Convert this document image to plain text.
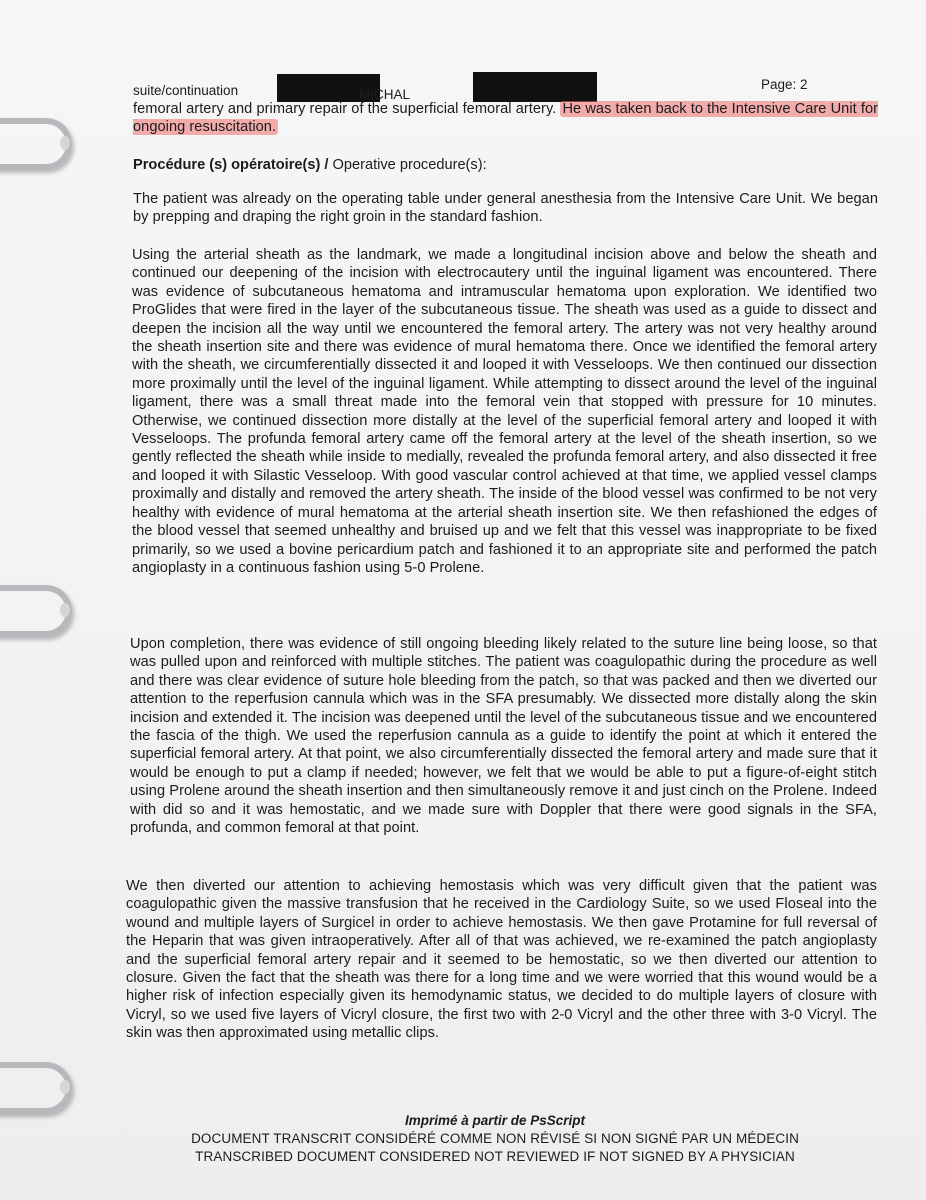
suite/continuation	MICHAL
Page: 2
femoral artery and primary repair of the superficial femoral artery. He was taken back to the Intensive Care Unit for ongoing resuscitation.
Procédure (s) opératoire(s) / Operative procedure(s):
The patient was already on the operating table under general anesthesia from the Intensive Care Unit. We began by prepping and draping the right groin in the standard fashion.
Using the arterial sheath as the landmark, we made a longitudinal incision above and below the sheath and continued our deepening of the incision with electrocautery until the inguinal ligament was encountered. There was evidence of subcutaneous hematoma and intramuscular hematoma upon exploration. We identified two ProGlides that were fired in the layer of the subcutaneous tissue. The sheath was used as a guide to dissect and deepen the incision all the way until we encountered the femoral artery. The artery was not very healthy around the sheath insertion site and there was evidence of mural hematoma there. Once we identified the femoral artery with the sheath, we circumferentially dissected it and looped it with Vesseloops. We then continued our dissection more proximally until the level of the inguinal ligament. While attempting to dissect around the level of the inguinal ligament, there was a small threat made into the femoral vein that stopped with pressure for 10 minutes. Otherwise, we continued dissection more distally at the level of the superficial femoral artery and looped it with Vesseloops. The profunda femoral artery came off the femoral artery at the level of the sheath insertion, so we gently reflected the sheath while inside to medially, revealed the profunda femoral artery, and also dissected it free and looped it with Silastic Vesseloop. With good vascular control achieved at that time, we applied vessel clamps proximally and distally and removed the artery sheath. The inside of the blood vessel was confirmed to be not very healthy with evidence of mural hematoma at the arterial sheath insertion site. We then refashioned the edges of the blood vessel that seemed unhealthy and bruised up and we felt that this vessel was inappropriate to be fixed primarily, so we used a bovine pericardium patch and fashioned it to an appropriate site and performed the patch angioplasty in a continuous fashion using 5-0 Prolene.
Upon completion, there was evidence of still ongoing bleeding likely related to the suture line being loose, so that was pulled upon and reinforced with multiple stitches. The patient was coagulopathic during the procedure as well and there was clear evidence of suture hole bleeding from the patch, so that was packed and then we diverted our attention to the reperfusion cannula which was in the SFA presumably. We dissected more distally along the skin incision and extended it. The incision was deepened until the level of the subcutaneous tissue and we encountered the fascia of the thigh. We used the reperfusion cannula as a guide to identify the point at which it entered the superficial femoral artery. At that point, we also circumferentially dissected the femoral artery and made sure that it would be enough to put a clamp if needed; however, we felt that we would be able to put a figure-of-eight stitch using Prolene around the sheath insertion and then simultaneously remove it and just cinch on the Prolene. Indeed with did so and it was hemostatic, and we made sure with Doppler that there were good signals in the SFA, profunda, and common femoral at that point.
We then diverted our attention to achieving hemostasis which was very difficult given that the patient was coagulopathic given the massive transfusion that he received in the Cardiology Suite, so we used Floseal into the wound and multiple layers of Surgicel in order to achieve hemostasis. We then gave Protamine for full reversal of the Heparin that was given intraoperatively. After all of that was achieved, we re-examined the patch angioplasty and the superficial femoral artery repair and it seemed to be hemostatic, so we then diverted our attention to closure. Given the fact that the sheath was there for a long time and we were worried that this wound would be a higher risk of infection especially given its hemodynamic status, we decided to do multiple layers of closure with Vicryl, so we used five layers of Vicryl closure, the first two with 2-0 Vicryl and the other three with 3-0 Vicryl. The skin was then approximated using metallic clips.
Imprimé à partir de PsScript
DOCUMENT TRANSCRIT CONSIDÉRÉ COMME NON RÉVISÉ SI NON SIGNÉ PAR UN MÉDECIN
TRANSCRIBED DOCUMENT CONSIDERED NOT REVIEWED IF NOT SIGNED BY A PHYSICIAN
